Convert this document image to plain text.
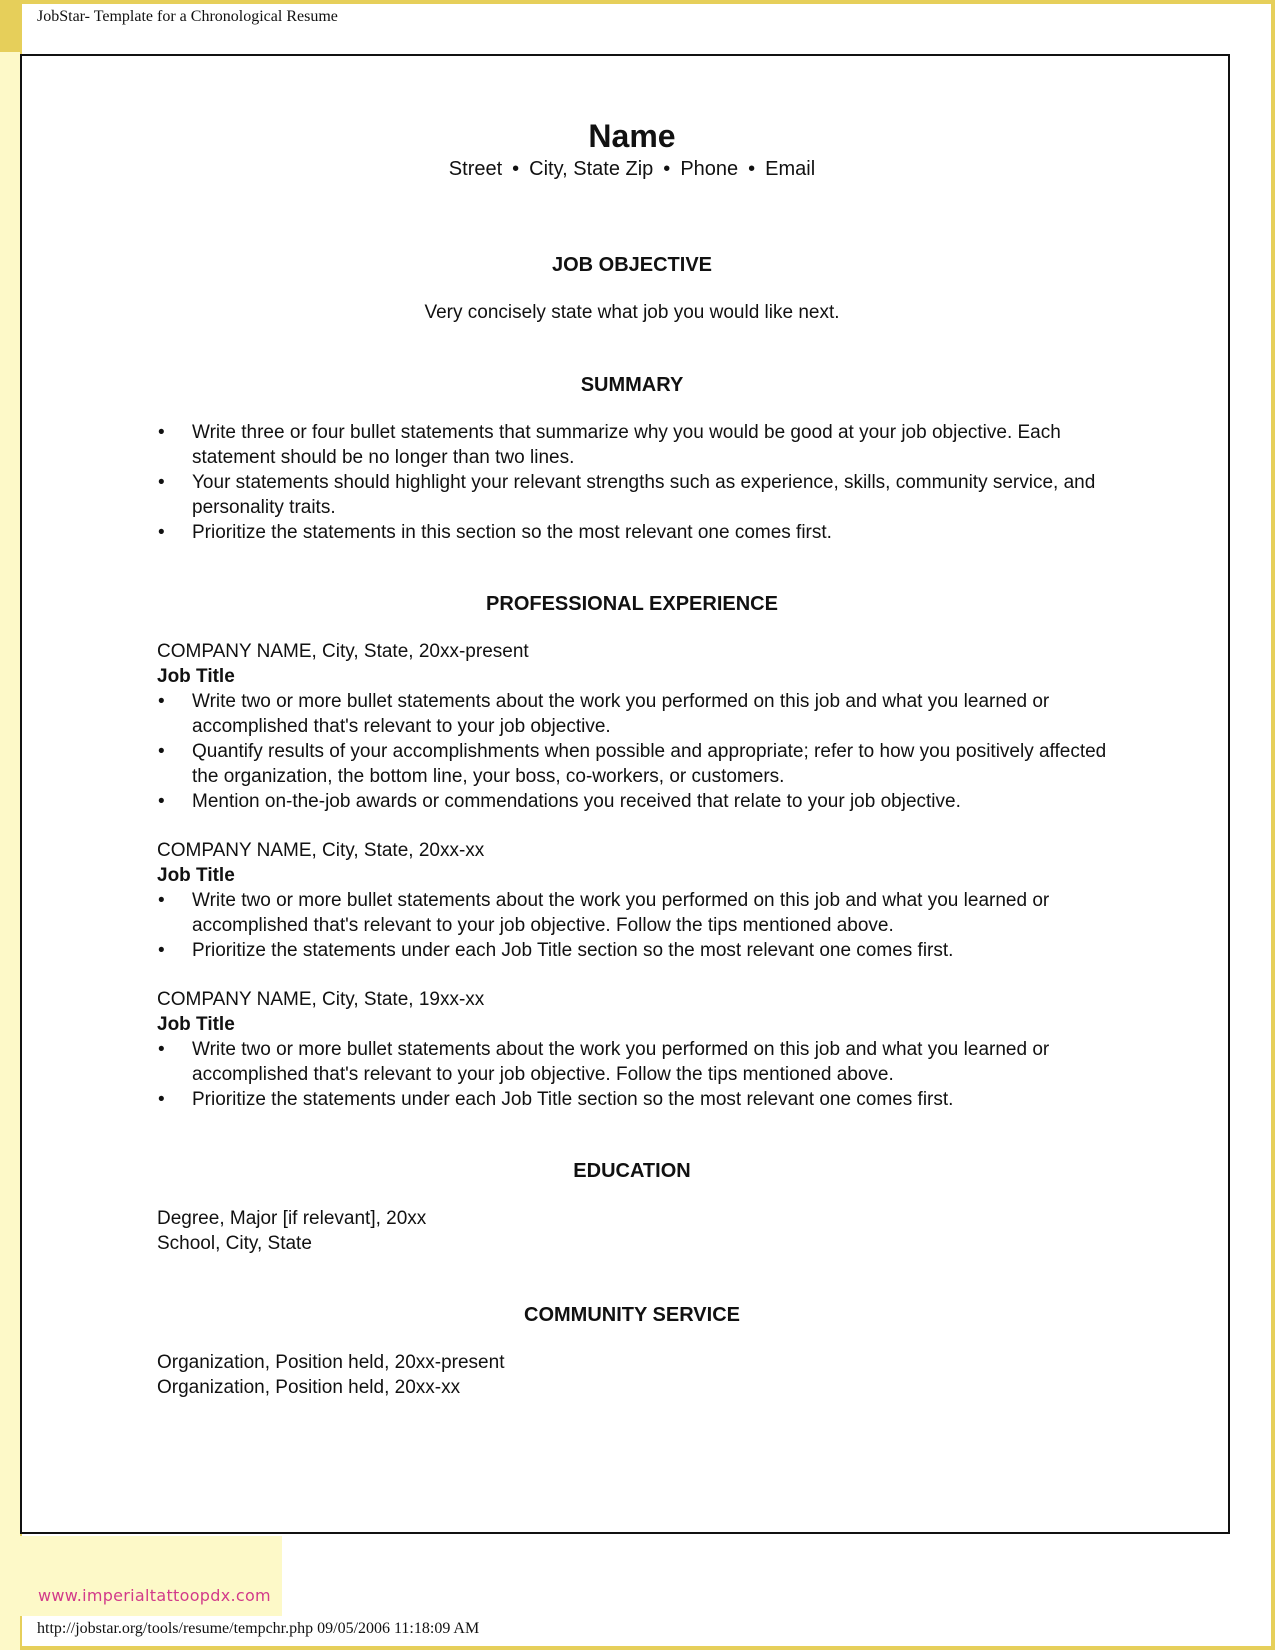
JobStar- Template for a Chronological Resume
Name
Street • City, State Zip • Phone • Email
JOB OBJECTIVE
Very concisely state what job you would like next.
SUMMARY
• Write three or four bullet statements that summarize why you would be good at your job objective. Each statement should be no longer than two lines.
• Your statements should highlight your relevant strengths such as experience, skills, community service, and personality traits.
• Prioritize the statements in this section so the most relevant one comes first.
PROFESSIONAL EXPERIENCE
COMPANY NAME, City, State, 20xx-present
Job Title
• Write two or more bullet statements about the work you performed on this job and what you learned or accomplished that's relevant to your job objective.
• Quantify results of your accomplishments when possible and appropriate; refer to how you positively affected the organization, the bottom line, your boss, co-workers, or customers.
• Mention on-the-job awards or commendations you received that relate to your job objective.
COMPANY NAME, City, State, 20xx-xx
Job Title
• Write two or more bullet statements about the work you performed on this job and what you learned or accomplished that's relevant to your job objective. Follow the tips mentioned above.
• Prioritize the statements under each Job Title section so the most relevant one comes first.
COMPANY NAME, City, State, 19xx-xx
Job Title
• Write two or more bullet statements about the work you performed on this job and what you learned or accomplished that's relevant to your job objective. Follow the tips mentioned above.
• Prioritize the statements under each Job Title section so the most relevant one comes first.
EDUCATION
Degree, Major [if relevant], 20xx
School, City, State
COMMUNITY SERVICE
Organization, Position held, 20xx-present
Organization, Position held, 20xx-xx
www.imperialtattoopdx.com
http://jobstar.org/tools/resume/tempchr.php 09/05/2006 11:18:09 AM
